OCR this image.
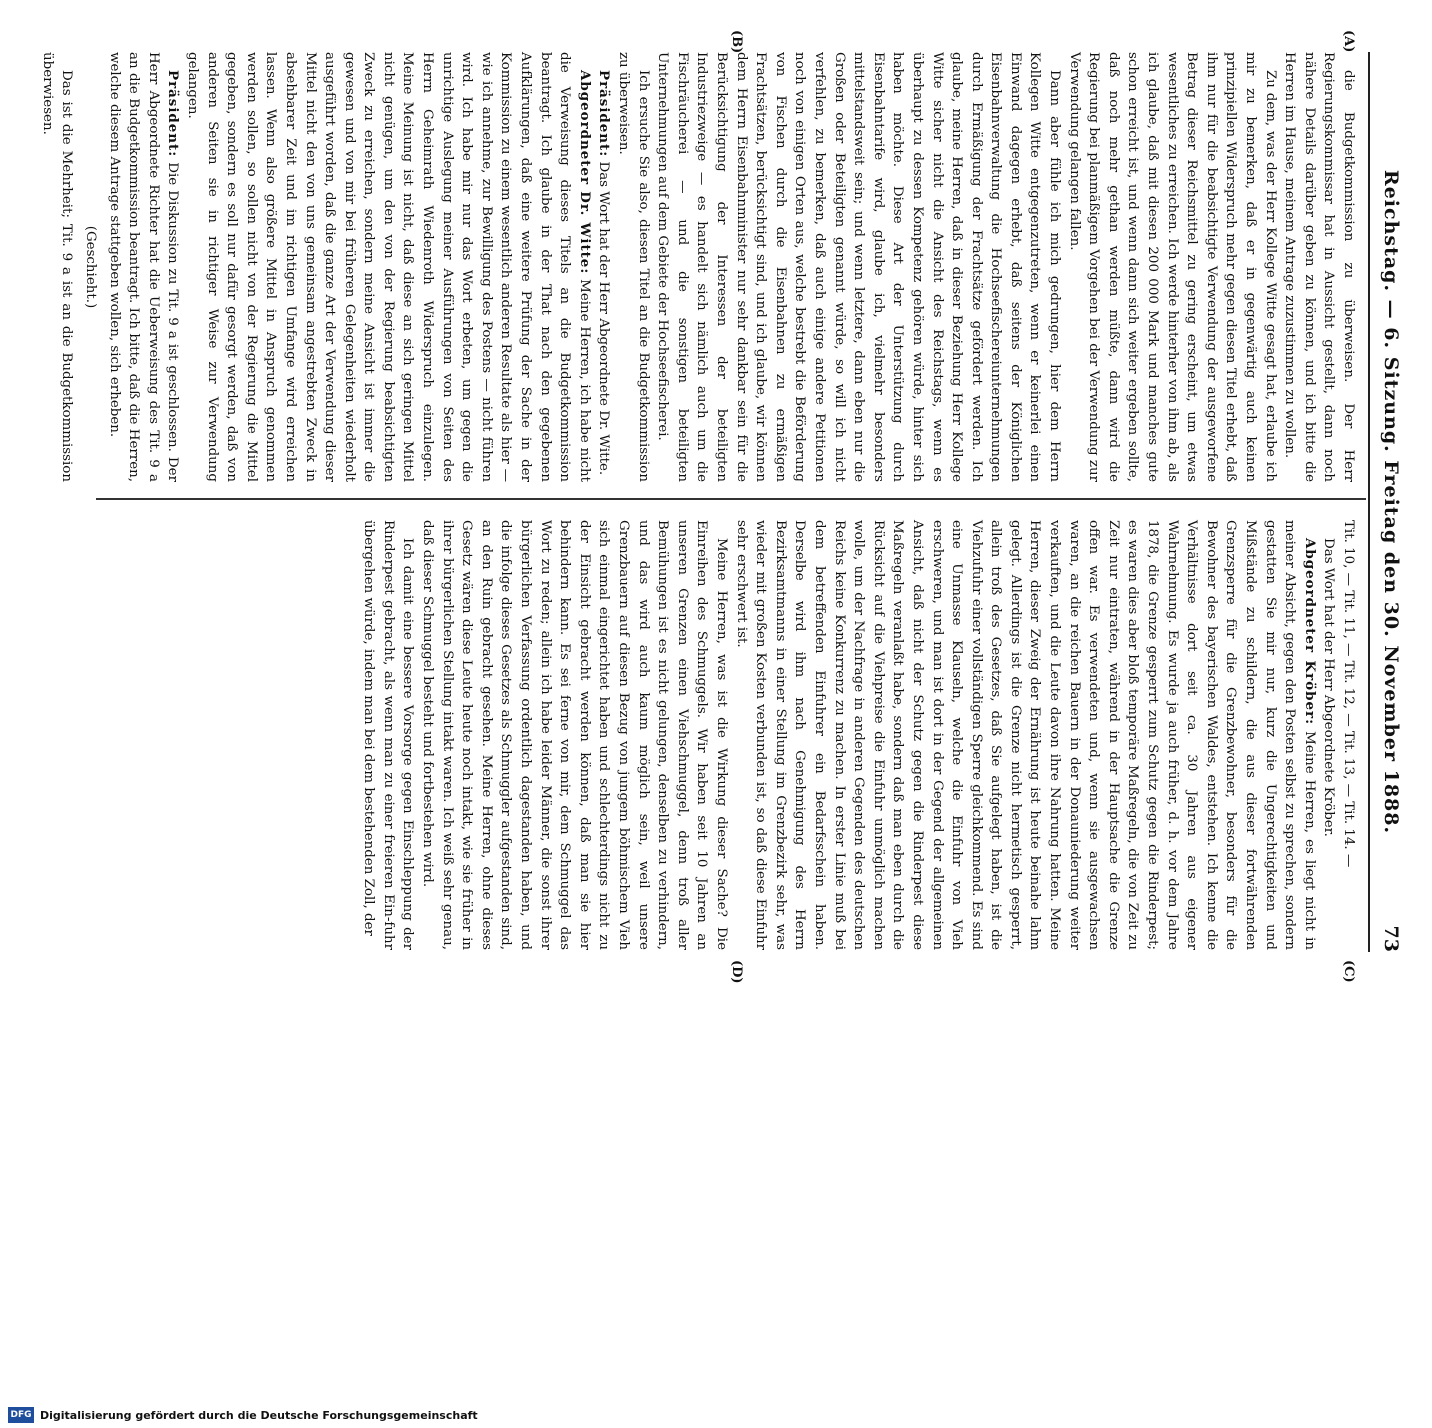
Reichstag. — 6. Sitzung. Freitag den 30. November 1888.
73
(A)
(B)
(C)
(D)

die Budgetkommission zu überweisen. Der Herr Regierungskommissar hat in Aussicht gestellt, dann noch nähere Details darüber geben zu können, und ich bitte die Herren im Hause, meinem Antrage zuzustimmen zu wollen.

Zu dem, was der Herr Kollege Witte gesagt hat, erlaube ich mir zu bemerken, daß er in gegenwärtig auch keinen prinzipiellen Widerspruch mehr gegen diesen Titel erhebt, daß ihm nur für die beabsichtigte Verwendung der ausgeworfene Betrag dieser Reichsmittel zu gering erscheint, um etwas wesentliches zu erreichen. Ich werde hinterher von ihm ab, als ich glaube, daß mit diesen 200 000 Mark und manches gute schon erreicht ist, und wenn dann sich weiter ergeben sollte, daß noch mehr gethan werden müßte, dann wird die Regierung bei planmäßigem Vorgehen bei der Verwendung zur Verwendung gelangen fallen.

Dann aber fühle ich mich gedrungen, hier dem Herrn Kollegen Witte entgegenzutreten, wenn er keinerlei einen Einwand dagegen erhebt, daß seitens der Königlichen Eisenbahnverwaltung die Hochseefischereiunternehmungen durch Ermäßigung der Frachtsätze gefördert werden. Ich glaube, meine Herren, daß in dieser Beziehung Herr Kollege Witte sicher nicht die Ansicht des Reichstags, wenn es überhaupt zu dessen Kompetenz gehören würde, hinter sich haben möchte. Diese Art der Unterstützung durch Eisenbahntarife wird, glaube ich, vielmehr besonders mittelstandsweit sein; und wenn letztere, dann eben nur die Großen oder Beteiligten genannt würde, so will ich nicht verfehlen, zu bemerken, daß auch einige andere Petitionen noch von einigen Orten aus, welche bestrebt die Beförderung von Fischen durch die Eisenbahnen zu ermäßigen Frachtsätzen, berücksichtigt sind, und ich glaube, wir können dem Herrn Eisenbahnminister nur sehr dankbar sein für die Berücksichtigung der Interessen der beteiligten Industriezweige — es handelt sich nämlich auch um die Fischräucherei — und die sonstigen beteiligten Unternehmungen auf dem Gebiete der Hochseefischerei.

Ich ersuche Sie also, diesen Titel an die Budgetkommission zu überweisen.

Präsident: Das Wort hat der Herr Abgeordnete Dr. Witte.

Abgeordneter Dr. Witte: Meine Herren, ich habe nicht die Verweisung dieses Titels an die Budgetkommission beantragt. Ich glaube in der That nach den gegebenen Aufklärungen, daß eine weitere Prüfung der Sache in der Kommission zu einem wesentlich anderen Resultate als hier — wie ich annehme, zur Bewilligung des Postens — nicht führen wird. Ich habe mir nur das Wort erbeten, um gegen die unrichtige Auslegung meiner Ausführungen von Seiten des Herrn Geheimrath Wiedenroth Widerspruch einzulegen. Meine Meinung ist nicht, daß diese an sich geringen Mittel nicht genügen, um den von der Regierung beabsichtigten Zweck zu erreichen, sondern meine Ansicht ist immer die gewesen und von mir bei früheren Gelegenheiten wiederholt ausgeführt worden, daß die ganze Art der Verwendung dieser Mittel nicht den von uns gemeinsam angestrebten Zweck in absehbarer Zeit und im richtigen Umfange wird erreichen lassen. Wenn also größere Mittel in Anspruch genommen werden sollen, so sollen nicht von der Regierung die Mittel gegeben, sondern es soll nur dafür gesorgt werden, daß von anderen Seiten sie in richtiger Weise zur Verwendung gelangen.

Präsident: Die Diskussion zu Tit. 9 a ist geschlossen. Der Herr Abgeordnete Richter hat die Ueberweisung des Tit. 9 a an die Budgetkommission beantragt. Ich bitte, daß die Herren, welche diesem Antrage stattgeben wollen, sich erheben.

(Geschieht.)

Das ist die Mehrheit; Tit. 9 a ist an die Budgetkommission überwiesen.

Tit. 10, — Tit. 11, — Tit. 12, — Tit. 13, — Tit. 14. —

Das Wort hat der Herr Abgeordnete Kröber.

Abgeordneter Kröber: Meine Herren, es liegt nicht in meiner Absicht, gegen den Posten selbst zu sprechen, sondern gestatten Sie mir nur, kurz die Ungerechtigkeiten und Mißstände zu schildern, die aus dieser fortwährenden Grenzsperre für die Grenzbewohner, besonders für die Bewohner des bayerischen Waldes, entstehen. Ich kenne die Verhältnisse dort seit ca. 30 Jahren aus eigener Wahrnehmung. Es wurde ja auch früher, d. h. vor dem Jahre 1878, die Grenze gesperrt zum Schutz gegen die Rinderpest; es waren dies aber bloß temporäre Maßregeln, die von Zeit zu Zeit nur eintraten, während in der Hauptsache die Grenze offen war. Es verwendeten und, wenn sie ausgewachsen waren, an die reichen Bauern in der Donauniederung weiter verkauften, und die Leute davon ihre Nahrung hatten. Meine Herren, dieser Zweig der Ernährung ist heute beinahe lahm gelegt. Allerdings ist die Grenze nicht hermetisch gesperrt, allein troß des Gesetzes, daß Sie aufgelegt haben, ist die Viehzufuhr einer vollständigen Sperre gleichkommend. Es sind eine Unmasse Klauseln, welche die Einfuhr von Vieh erschweren, und man ist dort in der Gegend der allgemeinen Ansicht, daß nicht der Schutz gegen die Rinderpest diese Maßregeln veranlaßt habe, sondern daß man eben durch die Rücksicht auf die Viehpreise die Einfuhr unmöglich machen wolle, um der Nachfrage in anderen Gegenden des deutschen Reichs keine Konkurrenz zu machen. In erster Linie muß bei dem betreffenden Einfuhrer ein Bedarfsschein haben. Derselbe wird ihm nach Genehmigung des Herrn Bezirksamtmanns in einer Stellung im Grenzbezirk sehr, was wieder mit großen Kosten verbunden ist, so daß diese Einfuhr sehr erschwert ist.

Meine Herren, was ist die Wirkung dieser Sache? Die Einreihen des Schmuggels. Wir haben seit 10 Jahren an unseren Grenzen einen Viehschmuggel, denn troß aller Bemühungen ist es nicht gelungen, denselben zu verhindern, und das wird auch kaum möglich sein, weil unsere Grenzbauern auf diesen Bezug von jungem böhmischem Vieh sich einmal eingerichtet haben und schlechterdings nicht zu der Einsicht gebracht werden können, daß man sie hier behindern kann. Es sei ferne von mir, dem Schmuggel das Wort zu reden; allein ich habe leider Männer, die sonst ihrer bürgerlichen Verfassung ordentlich dagestanden haben, und die infolge dieses Gesetzes als Schmuggler aufgestanden sind, an den Ruin gebracht gesehen. Meine Herren, ohne dieses Gesetz wären diese Leute heute noch intakt, wie sie früher in ihrer bürgerlichen Stellung intakt waren. Ich weiß sehr genau, daß dieser Schmuggel besteht und fortbestehen wird.

Ich damit eine bessere Vorsorge gegen Einschleppung der Rinderpest gebracht, als wenn man zu einer freieren Ein-fuhr übergehen würde, indem man bei dem bestehenden Zoll, der

DFG Digitalisierung gefördert durch die Deutsche Forschungsgemeinschaft
